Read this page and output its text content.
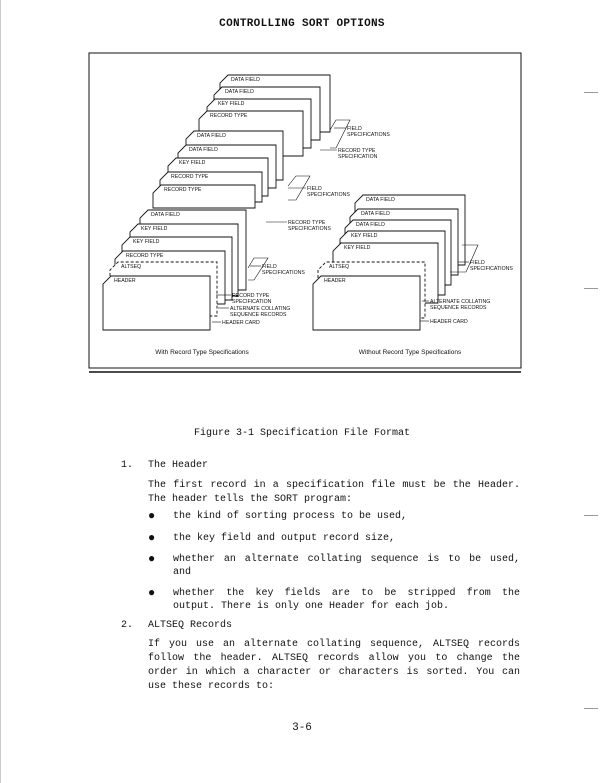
CONTROLLING SORT OPTIONS
DATA FIELD
DATA FIELD
KEY FIELD
RECORD TYPE
DATA FIELD
DATA FIELD
KEY FIELD
RECORD TYPE
RECORD TYPE
DATA FIELD
KEY FIELD
KEY FIELD
RECORD TYPE
ALTSEQ
HEADER
DATA FIELD
DATA FIELD
DATA FIELD
KEY FIELD
KEY FIELD
ALTSEQ
HEADER
FIELD
SPECIFICATIONS
RECORD TYPE
SPECIFICATION
FIELD
SPECIFICATIONS
RECORD TYPE
SPECIFICATIONS
FIELD
SPECIFICATIONS
RECORD TYPE
SPECIFICATION
ALTERNATE COLLATING
SEQUENCE RECORDS
HEADER CARD
FIELD
SPECIFICATIONS
ALTERNATE COLLATING
SEQUENCE RECORDS
HEADER CARD
With Record Type Specifications	Without Record Type Specifications
Figure 3-1 Specification File Format
1. The Header
The first record in a specification file must be the Header.
The header tells the SORT program:
● the kind of sorting process to be used,
● the key field and output record size,
● whether an alternate collating sequence is to be used,
and
● whether the key fields are to be stripped from the
output. There is only one Header for each job.
2. ALTSEQ Records
If you use an alternate collating sequence, ALTSEQ records
follow the header. ALTSEQ records allow you to change the
order in which a character or characters is sorted. You can
use these records to:
3-6
